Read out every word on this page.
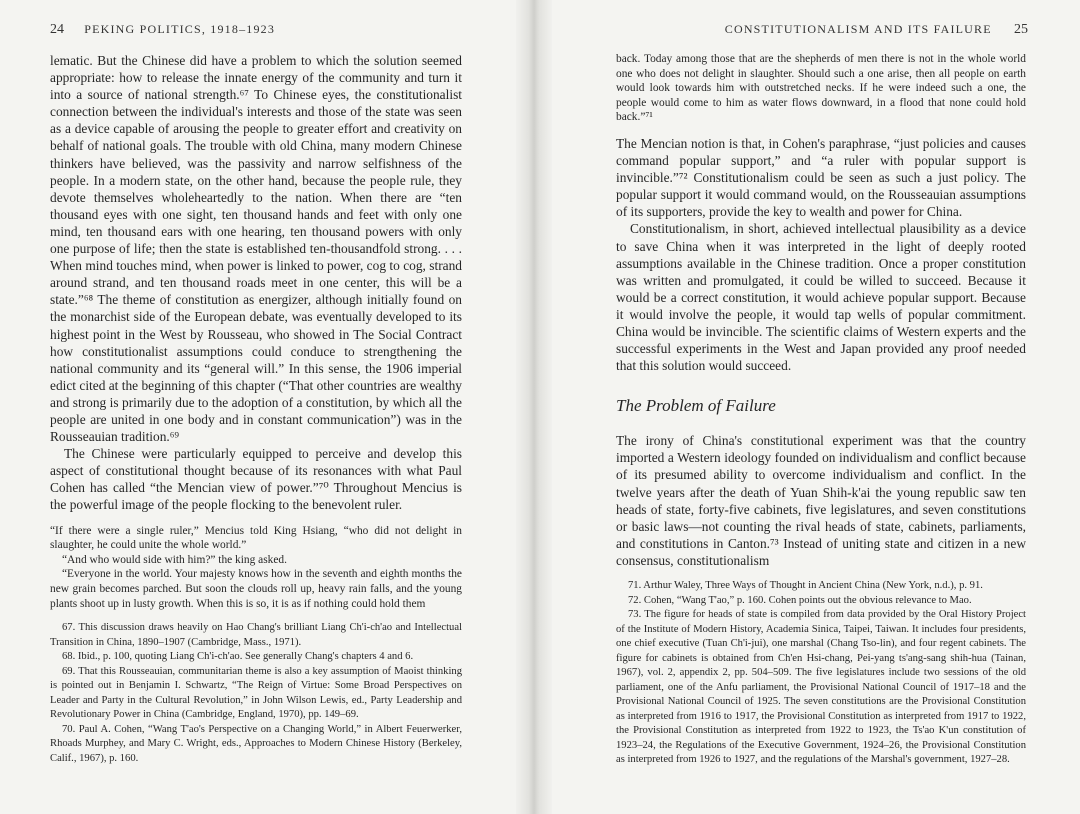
24 PEKING POLITICS, 1918–1923

lematic. But the Chinese did have a problem to which the solution seemed appropriate: how to release the innate energy of the community and turn it into a source of national strength.⁶⁷ To Chinese eyes, the constitutionalist connection between the individual's interests and those of the state was seen as a device capable of arousing the people to greater effort and creativity on behalf of national goals. The trouble with old China, many modern Chinese thinkers have believed, was the passivity and narrow selfishness of the people. In a modern state, on the other hand, because the people rule, they devote themselves wholeheartedly to the nation. When there are “ten thousand eyes with one sight, ten thousand hands and feet with only one mind, ten thousand ears with one hearing, ten thousand powers with only one purpose of life; then the state is established ten-thousandfold strong. . . . When mind touches mind, when power is linked to power, cog to cog, strand around strand, and ten thousand roads meet in one center, this will be a state.”⁶⁸ The theme of constitution as energizer, although initially found on the monarchist side of the European debate, was eventually developed to its highest point in the West by Rousseau, who showed in The Social Contract how constitutionalist assumptions could conduce to strengthening the national community and its “general will.” In this sense, the 1906 imperial edict cited at the beginning of this chapter (“That other countries are wealthy and strong is primarily due to the adoption of a constitution, by which all the people are united in one body and in constant communication”) was in the Rousseauian tradition.⁶⁹

The Chinese were particularly equipped to perceive and develop this aspect of constitutional thought because of its resonances with what Paul Cohen has called “the Mencian view of power.”⁷⁰ Throughout Mencius is the powerful image of the people flocking to the benevolent ruler.

“If there were a single ruler,” Mencius told King Hsiang, “who did not delight in slaughter, he could unite the whole world.”

“And who would side with him?” the king asked.

“Everyone in the world. Your majesty knows how in the seventh and eighth months the new grain becomes parched. But soon the clouds roll up, heavy rain falls, and the young plants shoot up in lusty growth. When this is so, it is as if nothing could hold them

67. This discussion draws heavily on Hao Chang's brilliant Liang Ch'i-ch'ao and Intellectual Transition in China, 1890–1907 (Cambridge, Mass., 1971).

68. Ibid., p. 100, quoting Liang Ch'i-ch'ao. See generally Chang's chapters 4 and 6.

69. That this Rousseauian, communitarian theme is also a key assumption of Maoist thinking is pointed out in Benjamin I. Schwartz, “The Reign of Virtue: Some Broad Perspectives on Leader and Party in the Cultural Revolution,” in John Wilson Lewis, ed., Party Leadership and Revolutionary Power in China (Cambridge, England, 1970), pp. 149–69.

70. Paul A. Cohen, “Wang T'ao's Perspective on a Changing World,” in Albert Feuerwerker, Rhoads Murphey, and Mary C. Wright, eds., Approaches to Modern Chinese History (Berkeley, Calif., 1967), p. 160.

CONSTITUTIONALISM AND ITS FAILURE 25

back. Today among those that are the shepherds of men there is not in the whole world one who does not delight in slaughter. Should such a one arise, then all people on earth would look towards him with outstretched necks. If he were indeed such a one, the people would come to him as water flows downward, in a flood that none could hold back.”⁷¹

The Mencian notion is that, in Cohen's paraphrase, “just policies and causes command popular support,” and “a ruler with popular support is invincible.”⁷² Constitutionalism could be seen as such a just policy. The popular support it would command would, on the Rousseauian assumptions of its supporters, provide the key to wealth and power for China.

Constitutionalism, in short, achieved intellectual plausibility as a device to save China when it was interpreted in the light of deeply rooted assumptions available in the Chinese tradition. Once a proper constitution was written and promulgated, it could be willed to succeed. Because it would be a correct constitution, it would achieve popular support. Because it would involve the people, it would tap wells of popular commitment. China would be invincible. The scientific claims of Western experts and the successful experiments in the West and Japan provided any proof needed that this solution would succeed.

The Problem of Failure

The irony of China's constitutional experiment was that the country imported a Western ideology founded on individualism and conflict because of its presumed ability to overcome individualism and conflict. In the twelve years after the death of Yuan Shih-k'ai the young republic saw ten heads of state, forty-five cabinets, five legislatures, and seven constitutions or basic laws—not counting the rival heads of state, cabinets, parliaments, and constitutions in Canton.⁷³ Instead of uniting state and citizen in a new consensus, constitutionalism

71. Arthur Waley, Three Ways of Thought in Ancient China (New York, n.d.), p. 91.

72. Cohen, “Wang T'ao,” p. 160. Cohen points out the obvious relevance to Mao.

73. The figure for heads of state is compiled from data provided by the Oral History Project of the Institute of Modern History, Academia Sinica, Taipei, Taiwan. It includes four presidents, one chief executive (Tuan Ch'i-jui), one marshal (Chang Tso-lin), and four regent cabinets. The figure for cabinets is obtained from Ch'en Hsi-chang, Pei-yang ts'ang-sang shih-hua (Tainan, 1967), vol. 2, appendix 2, pp. 504–509. The five legislatures include two sessions of the old parliament, one of the Anfu parliament, the Provisional National Council of 1917–18 and the Provisional National Council of 1925. The seven constitutions are the Provisional Constitution as interpreted from 1916 to 1917, the Provisional Constitution as interpreted from 1917 to 1922, the Provisional Constitution as interpreted from 1922 to 1923, the Ts'ao K'un constitution of 1923–24, the Regulations of the Executive Government, 1924–26, the Provisional Constitution as interpreted from 1926 to 1927, and the regulations of the Marshal's government, 1927–28.
